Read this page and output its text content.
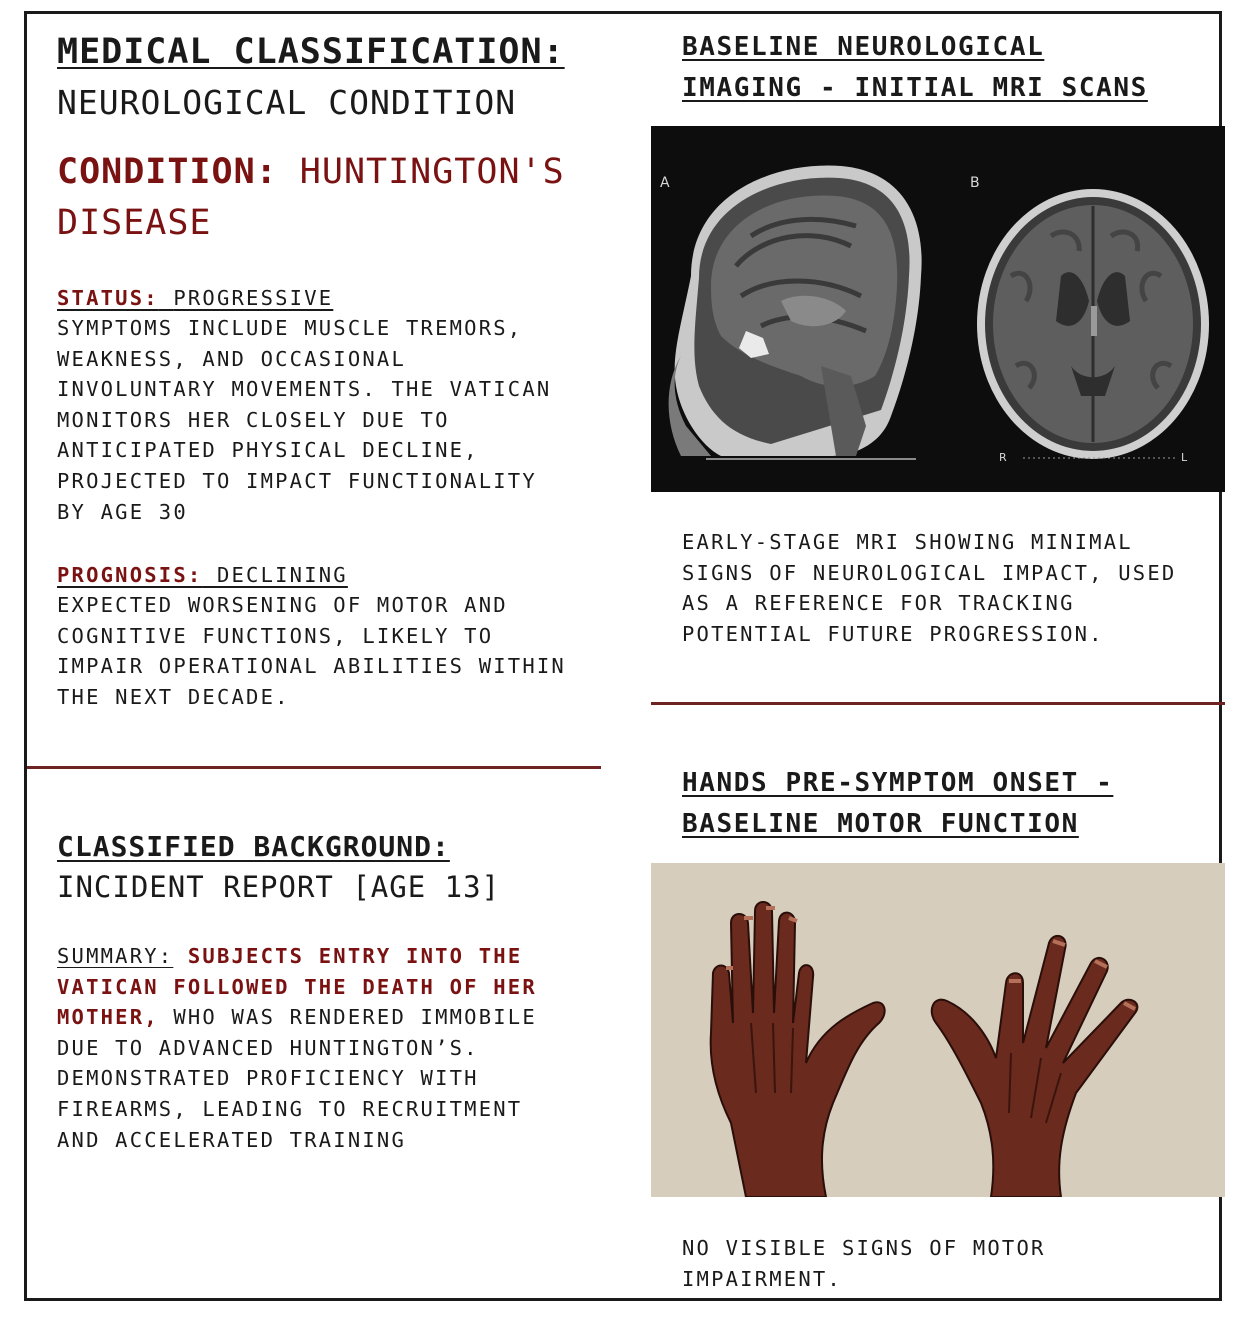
MEDICAL CLASSIFICATION:
NEUROLOGICAL CONDITION
CONDITION: HUNTINGTON'S
DISEASE
STATUS: PROGRESSIVE
SYMPTOMS INCLUDE MUSCLE TREMORS,
WEAKNESS, AND OCCASIONAL
INVOLUNTARY MOVEMENTS. THE VATICAN
MONITORS HER CLOSELY DUE TO
ANTICIPATED PHYSICAL DECLINE,
PROJECTED TO IMPACT FUNCTIONALITY
BY AGE 30
PROGNOSIS: DECLINING
EXPECTED WORSENING OF MOTOR AND
COGNITIVE FUNCTIONS, LIKELY TO
IMPAIR OPERATIONAL ABILITIES WITHIN
THE NEXT DECADE.
CLASSIFIED BACKGROUND:
INCIDENT REPORT [AGE 13]
SUMMARY: SUBJECTS ENTRY INTO THE
VATICAN FOLLOWED THE DEATH OF HER
MOTHER, WHO WAS RENDERED IMMOBILE
DUE TO ADVANCED HUNTINGTON’S.
DEMONSTRATED PROFICIENCY WITH
FIREARMS, LEADING TO RECRUITMENT
AND ACCELERATED TRAINING
BASELINE NEUROLOGICAL
IMAGING - INITIAL MRI SCANS
A	B
R	L
EARLY-STAGE MRI SHOWING MINIMAL
SIGNS OF NEUROLOGICAL IMPACT, USED
AS A REFERENCE FOR TRACKING
POTENTIAL FUTURE PROGRESSION.
HANDS PRE-SYMPTOM ONSET -
BASELINE MOTOR FUNCTION
NO VISIBLE SIGNS OF MOTOR
IMPAIRMENT.
